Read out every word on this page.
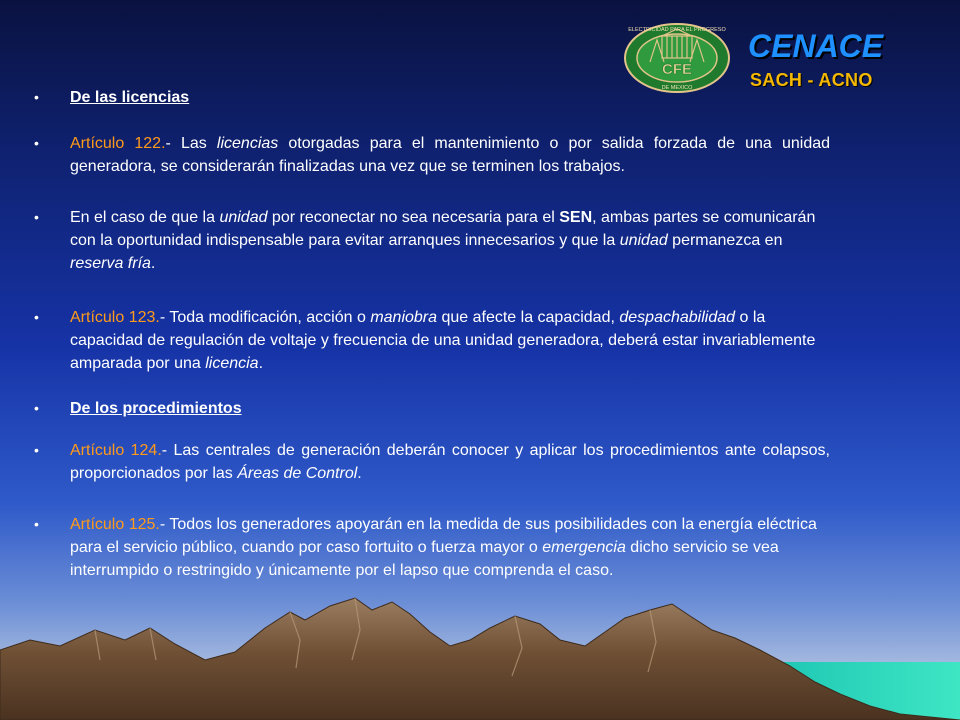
CFE
ELECTRICIDAD PARA EL PROGRESO
DE MEXICO
CENACE
SACH - ACNO
•	De las licencias
•	Artículo 122.- Las licencias otorgadas para el mantenimiento o por salida forzada de una unidad generadora, se considerarán finalizadas una vez que se terminen los trabajos.
•	En el caso de que la unidad por reconectar no sea necesaria para el SEN, ambas partes se comunicarán con la oportunidad indispensable para evitar arranques innecesarios y que la unidad permanezca en reserva fría.
•	Artículo 123.- Toda modificación, acción o maniobra que afecte la capacidad, despachabilidad o la capacidad de regulación de voltaje y frecuencia de una unidad generadora, deberá estar invariablemente amparada por una licencia.
•	De los procedimientos
•	Artículo 124.- Las centrales de generación deberán conocer y aplicar los procedimientos ante colapsos, proporcionados por las Áreas de Control.
•	Artículo 125.- Todos los generadores apoyarán en la medida de sus posibilidades con la energía eléctrica para el servicio público, cuando por caso fortuito o fuerza mayor o emergencia dicho servicio se vea interrumpido o restringido y únicamente por el lapso que comprenda el caso.
